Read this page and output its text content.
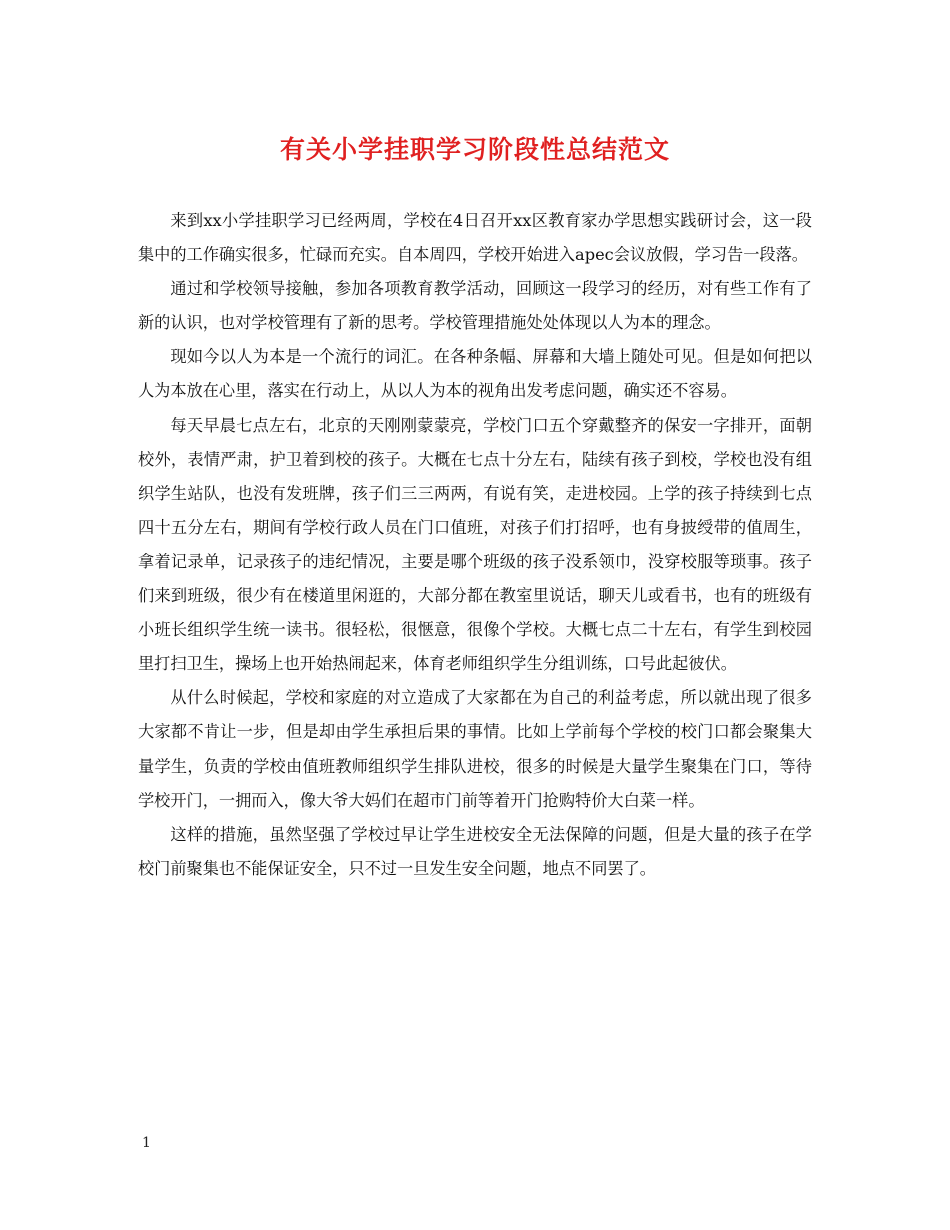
有关小学挂职学习阶段性总结范文

来到xx小学挂职学习已经两周，学校在4日召开xx区教育家办学思想实践研讨会，这一段集中的工作确实很多，忙碌而充实。自本周四，学校开始进入apec会议放假，学习告一段落。

通过和学校领导接触，参加各项教育教学活动，回顾这一段学习的经历，对有些工作有了新的认识，也对学校管理有了新的思考。学校管理措施处处体现以人为本的理念。

现如今以人为本是一个流行的词汇。在各种条幅、屏幕和大墙上随处可见。但是如何把以人为本放在心里，落实在行动上，从以人为本的视角出发考虑问题，确实还不容易。

每天早晨七点左右，北京的天刚刚蒙蒙亮，学校门口五个穿戴整齐的保安一字排开，面朝校外，表情严肃，护卫着到校的孩子。大概在七点十分左右，陆续有孩子到校，学校也没有组织学生站队，也没有发班牌，孩子们三三两两，有说有笑，走进校园。上学的孩子持续到七点四十五分左右，期间有学校行政人员在门口值班，对孩子们打招呼，也有身披绶带的值周生，拿着记录单，记录孩子的违纪情况，主要是哪个班级的孩子没系领巾，没穿校服等琐事。孩子们来到班级，很少有在楼道里闲逛的，大部分都在教室里说话，聊天儿或看书，也有的班级有小班长组织学生统一读书。很轻松，很惬意，很像个学校。大概七点二十左右，有学生到校园里打扫卫生，操场上也开始热闹起来，体育老师组织学生分组训练，口号此起彼伏。

从什么时候起，学校和家庭的对立造成了大家都在为自己的利益考虑，所以就出现了很多大家都不肯让一步，但是却由学生承担后果的事情。比如上学前每个学校的校门口都会聚集大量学生，负责的学校由值班教师组织学生排队进校，很多的时候是大量学生聚集在门口，等待学校开门，一拥而入，像大爷大妈们在超市门前等着开门抢购特价大白菜一样。

这样的措施，虽然坚强了学校过早让学生进校安全无法保障的问题，但是大量的孩子在学校门前聚集也不能保证安全，只不过一旦发生安全问题，地点不同罢了。

1
